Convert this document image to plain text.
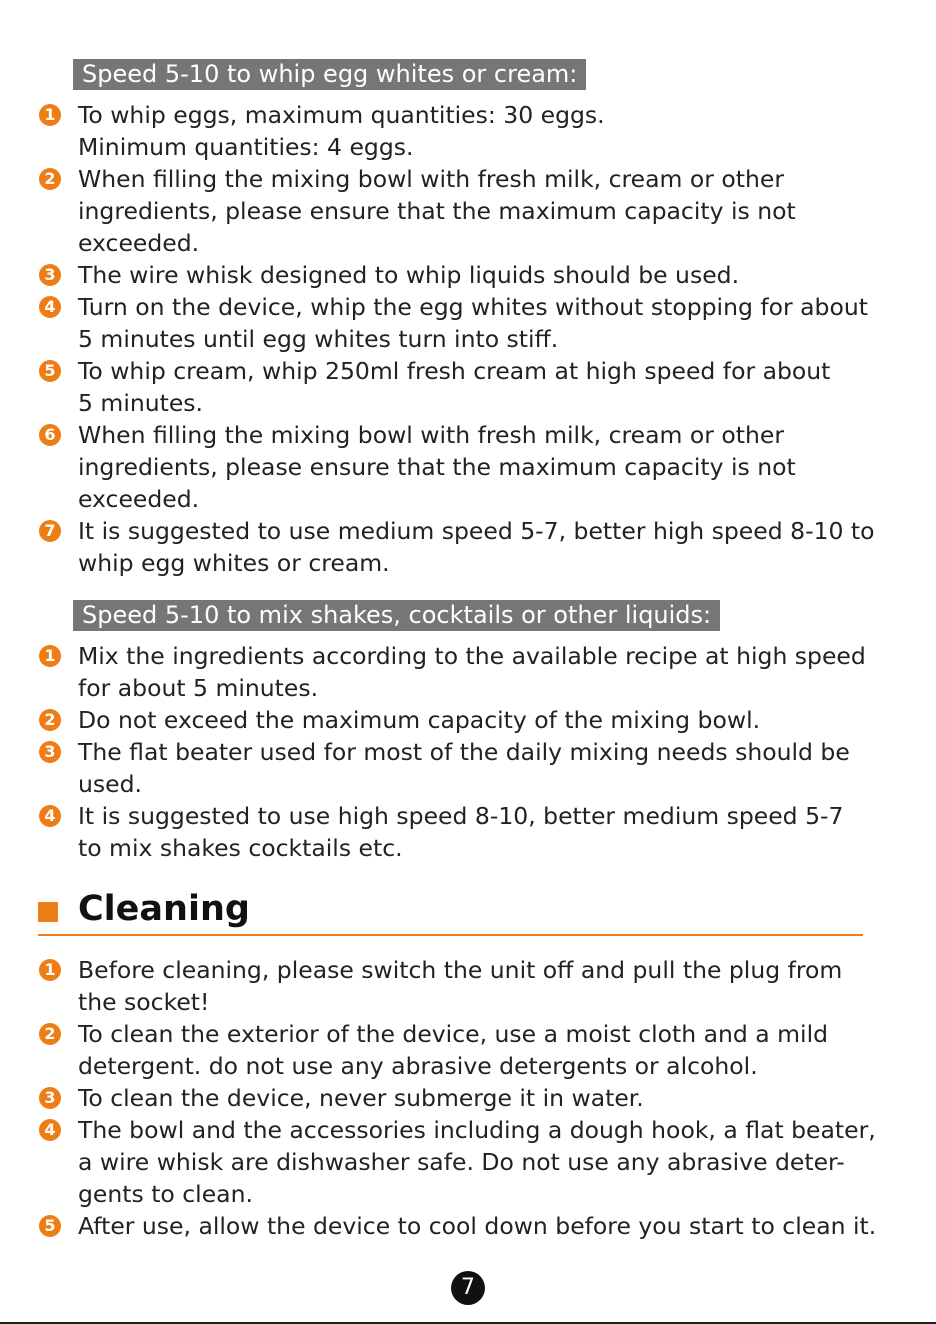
Speed 5-10 to whip egg whites or cream:
1 To whip eggs, maximum quantities: 30 eggs.
Minimum quantities: 4 eggs.
2 When filling the mixing bowl with fresh milk, cream or other
ingredients, please ensure that the maximum capacity is not
exceeded.
3 The wire whisk designed to whip liquids should be used.
4 Turn on the device, whip the egg whites without stopping for about
5 minutes until egg whites turn into stiff.
5 To whip cream, whip 250ml fresh cream at high speed for about
5 minutes.
6 When filling the mixing bowl with fresh milk, cream or other
ingredients, please ensure that the maximum capacity is not
exceeded.
7 It is suggested to use medium speed 5-7, better high speed 8-10 to
whip egg whites or cream.
Speed 5-10 to mix shakes, cocktails or other liquids:
1 Mix the ingredients according to the available recipe at high speed
for about 5 minutes.
2 Do not exceed the maximum capacity of the mixing bowl.
3 The flat beater used for most of the daily mixing needs should be
used.
4 It is suggested to use high speed 8-10, better medium speed 5-7
to mix shakes cocktails etc.
Cleaning
1 Before cleaning, please switch the unit off and pull the plug from
the socket!
2 To clean the exterior of the device, use a moist cloth and a mild
detergent. do not use any abrasive detergents or alcohol.
3 To clean the device, never submerge it in water.
4 The bowl and the accessories including a dough hook, a flat beater,
a wire whisk are dishwasher safe. Do not use any abrasive deter-
gents to clean.
5 After use, allow the device to cool down before you start to clean it.
7
